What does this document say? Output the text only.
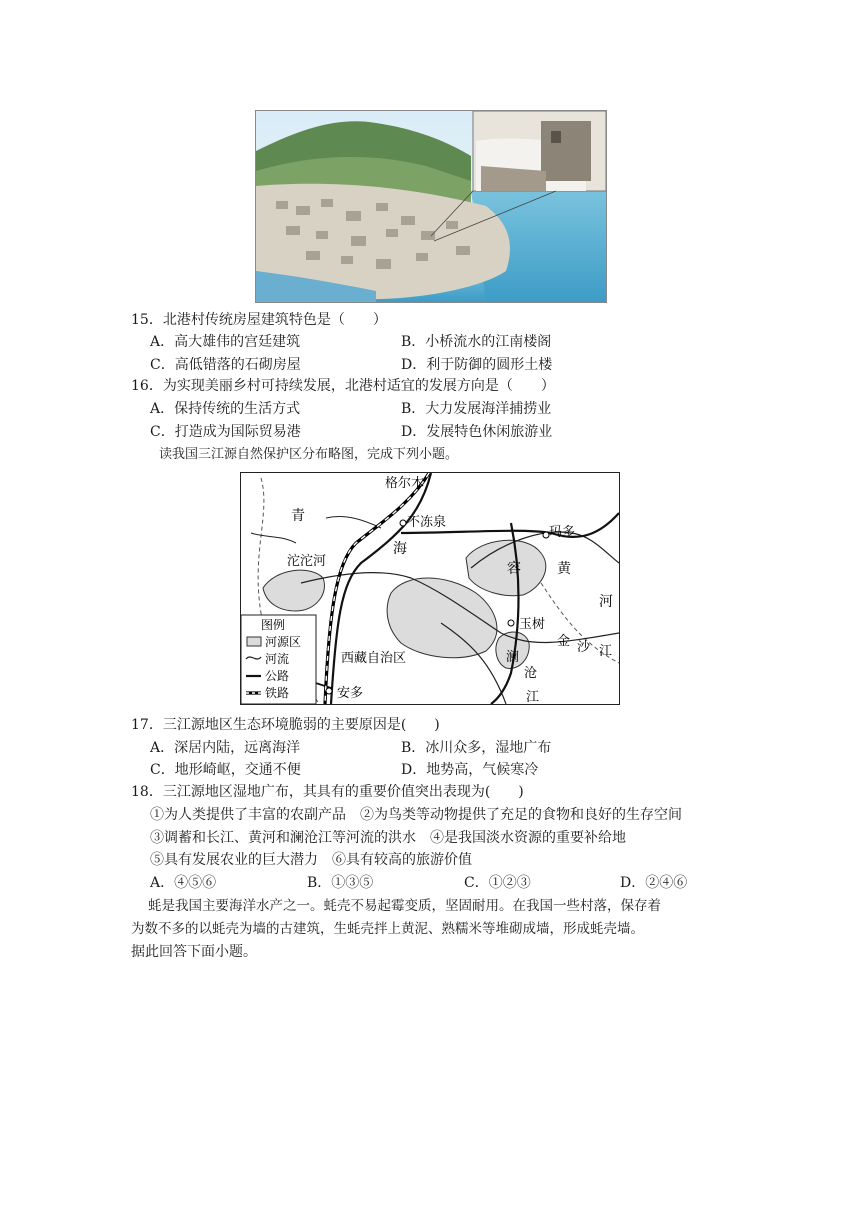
15．北港村传统房屋建筑特色是（　　）
A．高大雄伟的宫廷建筑	B．小桥流水的江南楼阁
C．高低错落的石砌房屋	D．利于防御的圆形土楼
16．为实现美丽乡村可持续发展，北港村适宜的发展方向是（　　）
A．保持传统的生活方式	B．大力发展海洋捕捞业
C．打造成为国际贸易港	D．发展特色休闲旅游业
读我国三江源自然保护区分布略图，完成下列小题。
格尔木
青	不冻泉
海
玛多
沱沱河	容	黄
河
玉树
金 沙 江
西藏自治区	澜
沧
江
安多
图例
河源区
河流
公路
铁路
17．三江源地区生态环境脆弱的主要原因是(　　)
A．深居内陆，远离海洋	B．冰川众多，湿地广布
C．地形崎岖，交通不便	D．地势高，气候寒冷
18．三江源地区湿地广布，其具有的重要价值突出表现为(　　)
①为人类提供了丰富的农副产品　②为鸟类等动物提供了充足的食物和良好的生存空间
③调蓄和长江、黄河和澜沧江等河流的洪水　④是我国淡水资源的重要补给地
⑤具有发展农业的巨大潜力　⑥具有较高的旅游价值
A．④⑤⑥	B．①③⑤	C．①②③	D．②④⑥
蚝是我国主要海洋水产之一。蚝壳不易起霉变质，坚固耐用。在我国一些村落，保存着
为数不多的以蚝壳为墙的古建筑，生蚝壳拌上黄泥、熟糯米等堆砌成墙，形成蚝壳墙。
据此回答下面小题。
